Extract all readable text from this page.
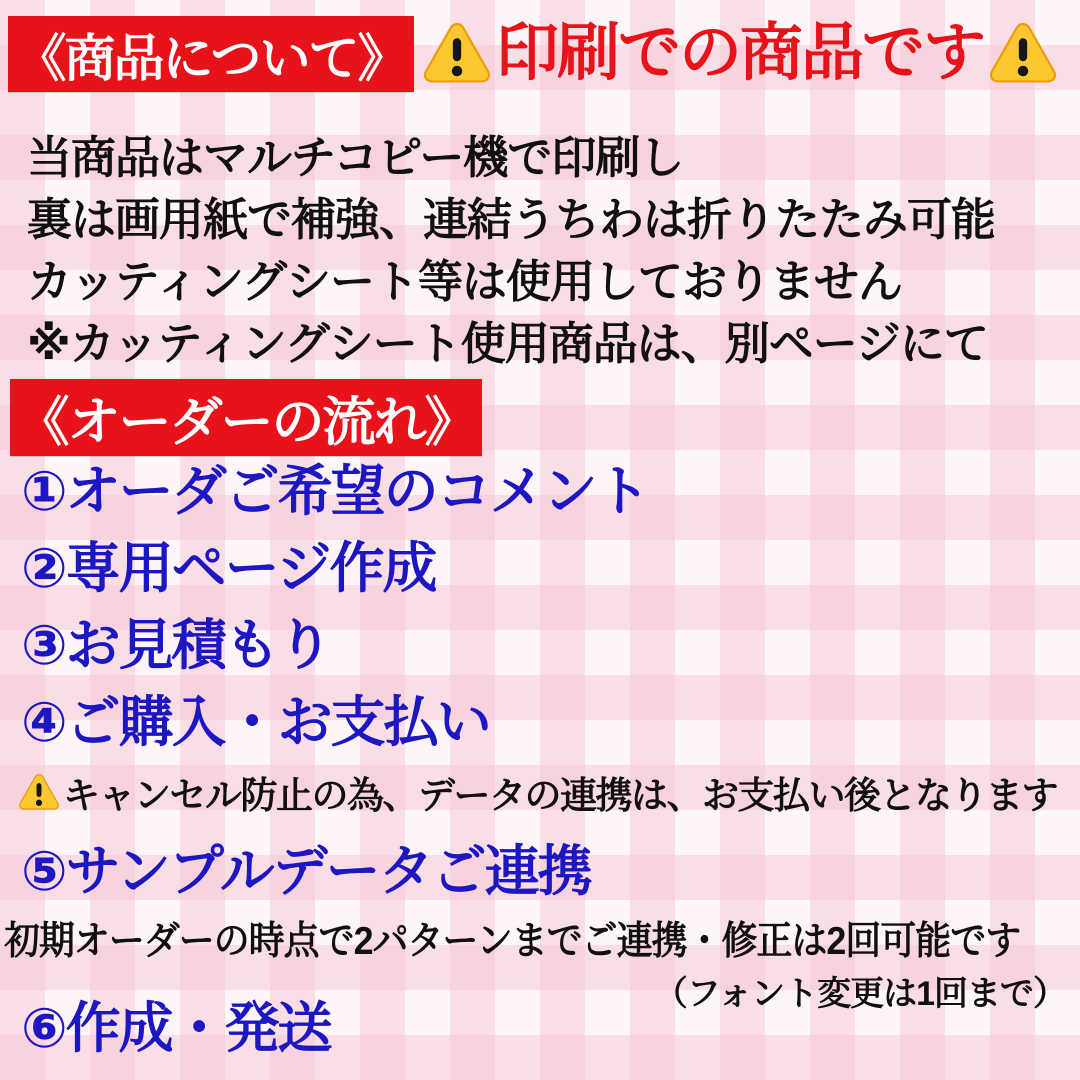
《商品について》 印刷での商品です
当商品はマルチコピー機で印刷し
裏は画用紙で補強、連結うちわは折りたたみ可能
カッティングシート等は使用しておりません
※カッティングシート使用商品は、別ページにて
《オーダーの流れ》
①オーダご希望のコメント
②専用ページ作成
③お見積もり
④ご購入・お支払い
キャンセル防止の為、データの連携は、お支払い後となります
⑤サンプルデータご連携
初期オーダーの時点で2パターンまでご連携・修正は2回可能です
（フォント変更は1回まで）
⑥作成・発送
